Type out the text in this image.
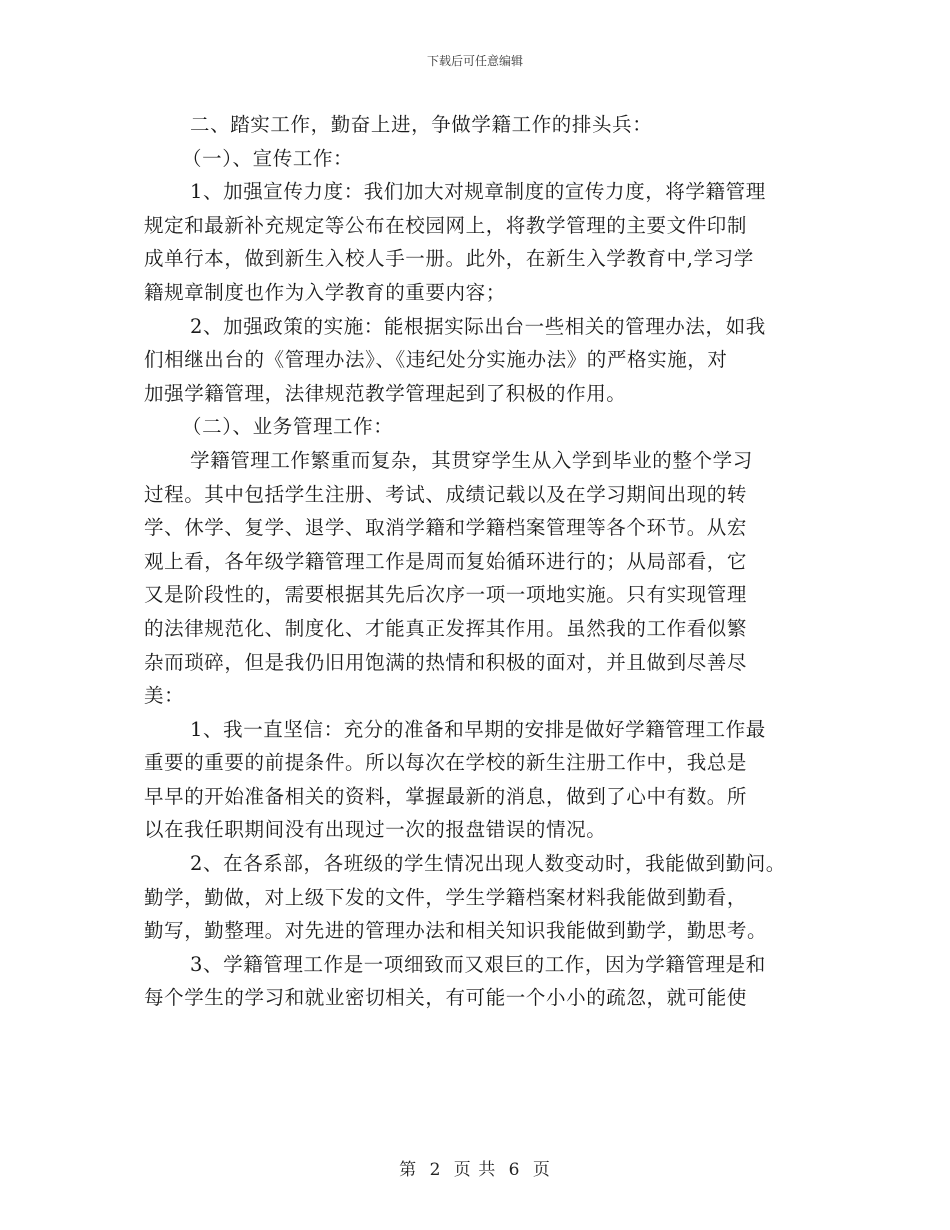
下载后可任意编辑
二、踏实工作，勤奋上进，争做学籍工作的排头兵：
（一）、宣传工作：
1、加强宣传力度：我们加大对规章制度的宣传力度，将学籍管理
规定和最新补充规定等公布在校园网上，将教学管理的主要文件印制
成单行本，做到新生入校人手一册。此外，在新生入学教育中,学习学
籍规章制度也作为入学教育的重要内容；
2、加强政策的实施：能根据实际出台一些相关的管理办法，如我
们相继出台的《管理办法》、《违纪处分实施办法》的严格实施，对
加强学籍管理，法律规范教学管理起到了积极的作用。
（二）、业务管理工作：
学籍管理工作繁重而复杂，其贯穿学生从入学到毕业的整个学习
过程。其中包括学生注册、考试、成绩记载以及在学习期间出现的转
学、休学、复学、退学、取消学籍和学籍档案管理等各个环节。从宏
观上看，各年级学籍管理工作是周而复始循环进行的；从局部看，它
又是阶段性的，需要根据其先后次序一项一项地实施。只有实现管理
的法律规范化、制度化、才能真正发挥其作用。虽然我的工作看似繁
杂而琐碎，但是我仍旧用饱满的热情和积极的面对，并且做到尽善尽
美：
1、我一直坚信：充分的准备和早期的安排是做好学籍管理工作最
重要的重要的前提条件。所以每次在学校的新生注册工作中，我总是
早早的开始准备相关的资料，掌握最新的消息，做到了心中有数。所
以在我任职期间没有出现过一次的报盘错误的情况。
2、在各系部，各班级的学生情况出现人数变动时，我能做到勤问。
勤学，勤做，对上级下发的文件，学生学籍档案材料我能做到勤看，
勤写，勤整理。对先进的管理办法和相关知识我能做到勤学，勤思考。
3、学籍管理工作是一项细致而又艰巨的工作，因为学籍管理是和
每个学生的学习和就业密切相关，有可能一个小小的疏忽，就可能使
第 2 页 共 6 页
